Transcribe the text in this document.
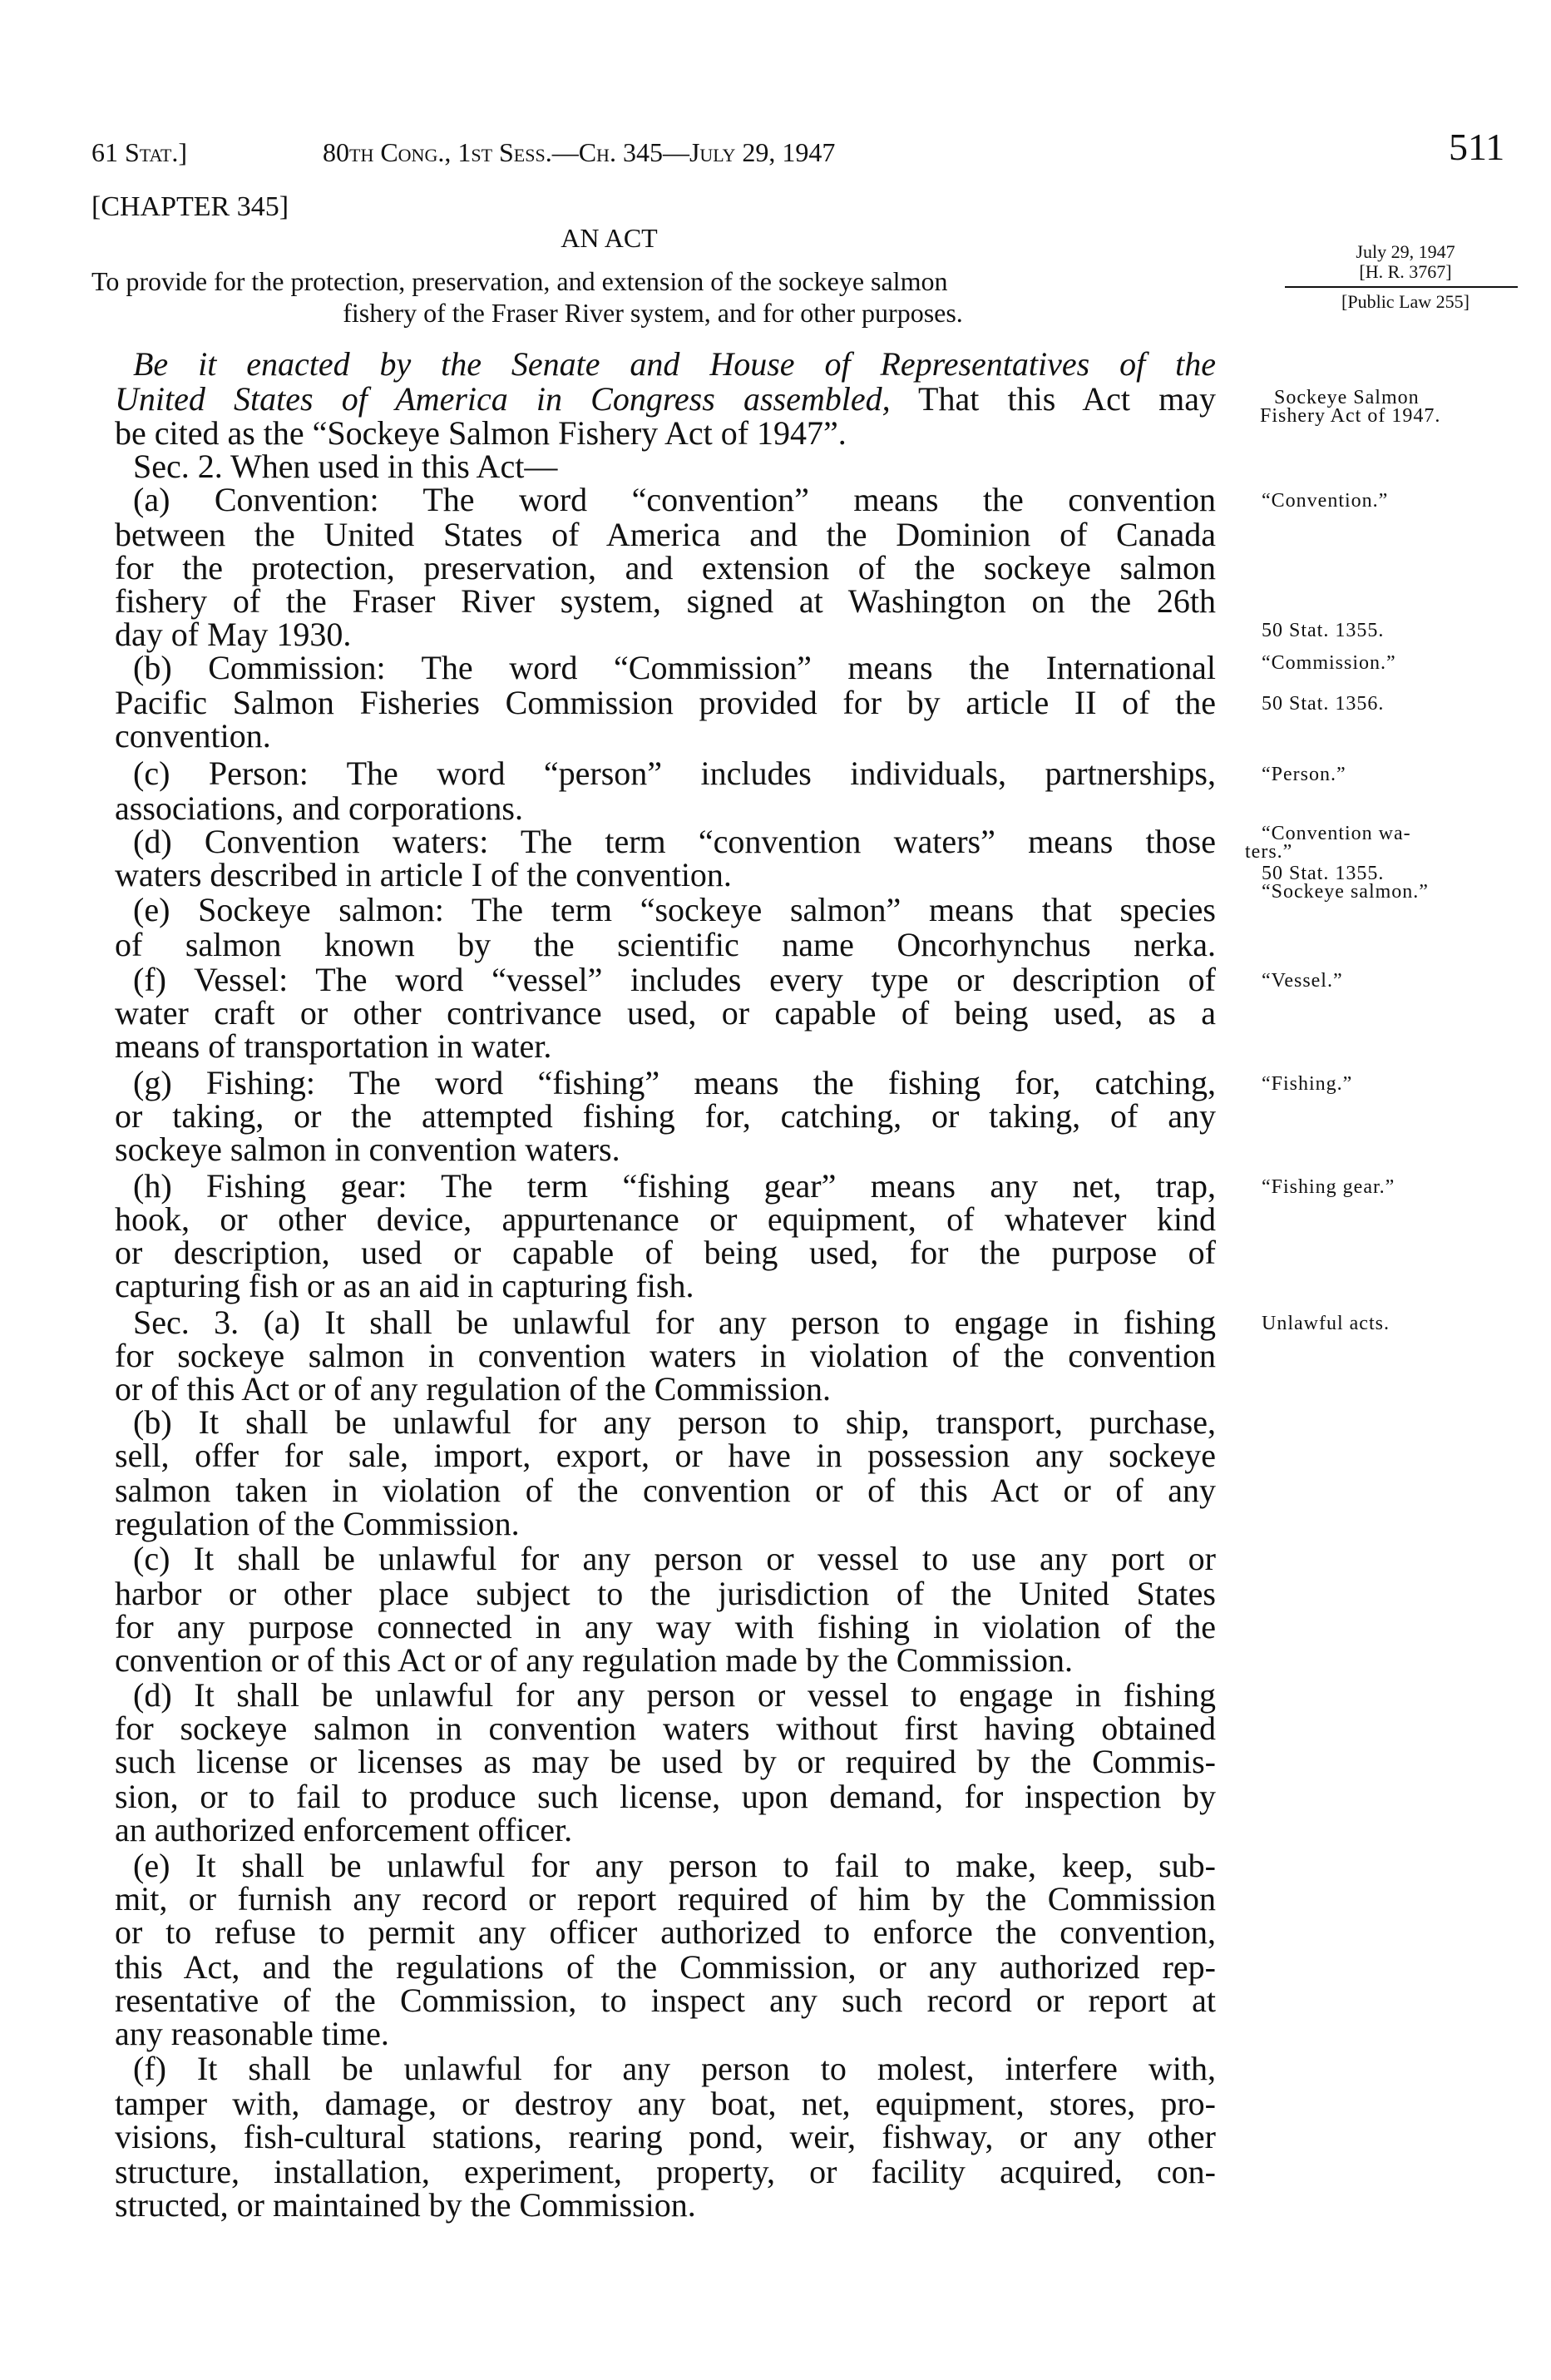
61 Stat.]	80th Cong., 1st Sess.—Ch. 345—July 29, 1947	511
[CHAPTER 345]
AN ACT
To provide for the protection, preservation, and extension of the sockeye salmon
fishery of the Fraser River system, and for other purposes.
July 29, 1947
[H. R. 3767]
[Public Law 255]
Be it enacted by the Senate and House of Representatives of the
United States of America in Congress assembled, That this Act may
be cited as the “Sockeye Salmon Fishery Act of 1947”.
Sec. 2. When used in this Act—
(a) Convention: The word “convention” means the convention
between the United States of America and the Dominion of Canada
for the protection, preservation, and extension of the sockeye salmon
fishery of the Fraser River system, signed at Washington on the 26th
day of May 1930.
(b) Commission: The word “Commission” means the International
Pacific Salmon Fisheries Commission provided for by article II of the
convention.
(c) Person: The word “person” includes individuals, partnerships,
associations, and corporations.
(d) Convention waters: The term “convention waters” means those
waters described in article I of the convention.
(e) Sockeye salmon: The term “sockeye salmon” means that species
of salmon known by the scientific name Oncorhynchus nerka.
(f) Vessel: The word “vessel” includes every type or description of
water craft or other contrivance used, or capable of being used, as a
means of transportation in water.
(g) Fishing: The word “fishing” means the fishing for, catching,
or taking, or the attempted fishing for, catching, or taking, of any
sockeye salmon in convention waters.
(h) Fishing gear: The term “fishing gear” means any net, trap,
hook, or other device, appurtenance or equipment, of whatever kind
or description, used or capable of being used, for the purpose of
capturing fish or as an aid in capturing fish.
Sec. 3. (a) It shall be unlawful for any person to engage in fishing
for sockeye salmon in convention waters in violation of the convention
or of this Act or of any regulation of the Commission.
(b) It shall be unlawful for any person to ship, transport, purchase,
sell, offer for sale, import, export, or have in possession any sockeye
salmon taken in violation of the convention or of this Act or of any
regulation of the Commission.
(c) It shall be unlawful for any person or vessel to use any port or
harbor or other place subject to the jurisdiction of the United States
for any purpose connected in any way with fishing in violation of the
convention or of this Act or of any regulation made by the Commission.
(d) It shall be unlawful for any person or vessel to engage in fishing
for sockeye salmon in convention waters without first having obtained
such license or licenses as may be used by or required by the Commis-
sion, or to fail to produce such license, upon demand, for inspection by
an authorized enforcement officer.
(e) It shall be unlawful for any person to fail to make, keep, sub-
mit, or furnish any record or report required of him by the Commission
or to refuse to permit any officer authorized to enforce the convention,
this Act, and the regulations of the Commission, or any authorized rep-
resentative of the Commission, to inspect any such record or report at
any reasonable time.
(f) It shall be unlawful for any person to molest, interfere with,
tamper with, damage, or destroy any boat, net, equipment, stores, pro-
visions, fish-cultural stations, rearing pond, weir, fishway, or any other
structure, installation, experiment, property, or facility acquired, con-
structed, or maintained by the Commission.
Sockeye Salmon
Fishery Act of 1947.
“Convention.”
50 Stat. 1355.
“Commission.”
50 Stat. 1356.
“Person.”
“Convention wa-
ters.”
50 Stat. 1355.
“Sockeye salmon.”
“Vessel.”
“Fishing.”
“Fishing gear.”
Unlawful acts.
